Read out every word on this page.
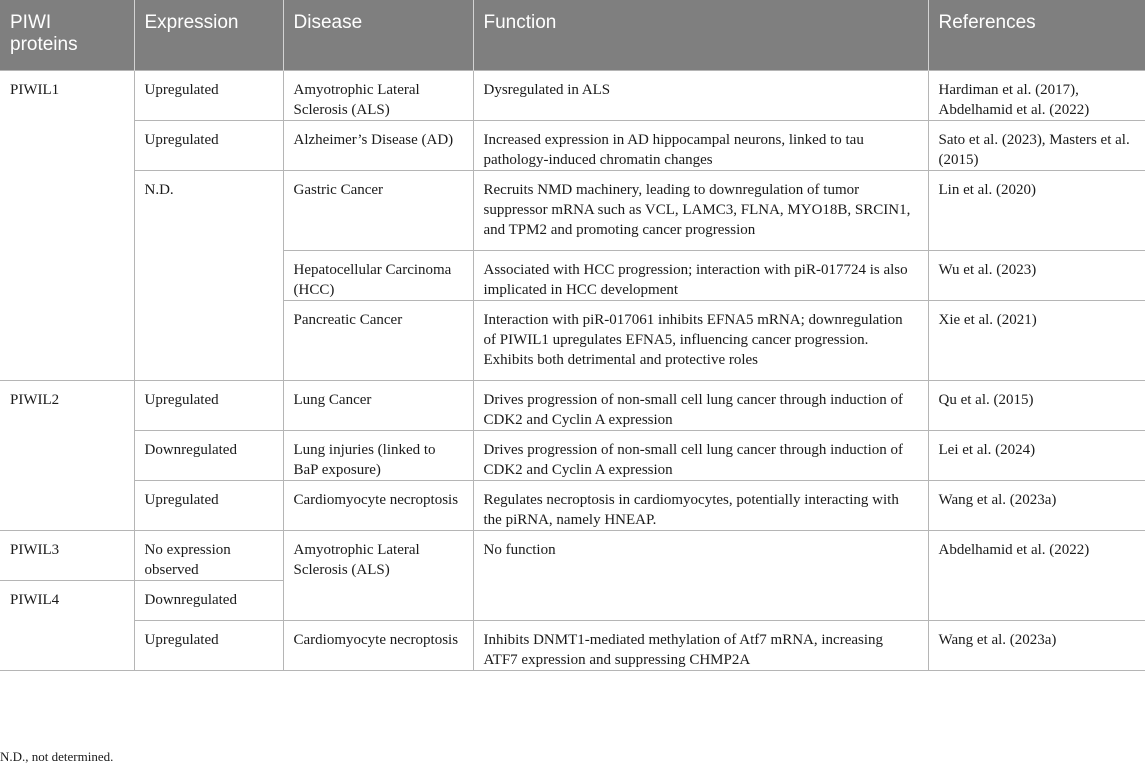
PIWI proteins	Expression	Disease	Function	References
PIWIL1	Upregulated	Amyotrophic Lateral Sclerosis (ALS)	Dysregulated in ALS	Hardiman et al. (2017), Abdelhamid et al. (2022)
	Upregulated	Alzheimer’s Disease (AD)	Increased expression in AD hippocampal neurons, linked to tau pathology-induced chromatin changes	Sato et al. (2023), Masters et al. (2015)
	N.D.	Gastric Cancer	Recruits NMD machinery, leading to downregulation of tumor suppressor mRNA such as VCL, LAMC3, FLNA, MYO18B, SRCIN1, and TPM2 and promoting cancer progression	Lin et al. (2020)
		Hepatocellular Carcinoma (HCC)	Associated with HCC progression; interaction with piR-017724 is also implicated in HCC development	Wu et al. (2023)
		Pancreatic Cancer	Interaction with piR-017061 inhibits EFNA5 mRNA; downregulation of PIWIL1 upregulates EFNA5, influencing cancer progression. Exhibits both detrimental and protective roles	Xie et al. (2021)
PIWIL2	Upregulated	Lung Cancer	Drives progression of non-small cell lung cancer through induction of CDK2 and Cyclin A expression	Qu et al. (2015)
	Downregulated	Lung injuries (linked to BaP exposure)	Drives progression of non-small cell lung cancer through induction of CDK2 and Cyclin A expression	Lei et al. (2024)
	Upregulated	Cardiomyocyte necroptosis	Regulates necroptosis in cardiomyocytes, potentially interacting with the piRNA, namely HNEAP.	Wang et al. (2023a)
PIWIL3	No expression observed	Amyotrophic Lateral Sclerosis (ALS)	No function	Abdelhamid et al. (2022)
PIWIL4	Downregulated			
	Upregulated	Cardiomyocyte necroptosis	Inhibits DNMT1-mediated methylation of Atf7 mRNA, increasing ATF7 expression and suppressing CHMP2A	Wang et al. (2023a)
N.D., not determined.
